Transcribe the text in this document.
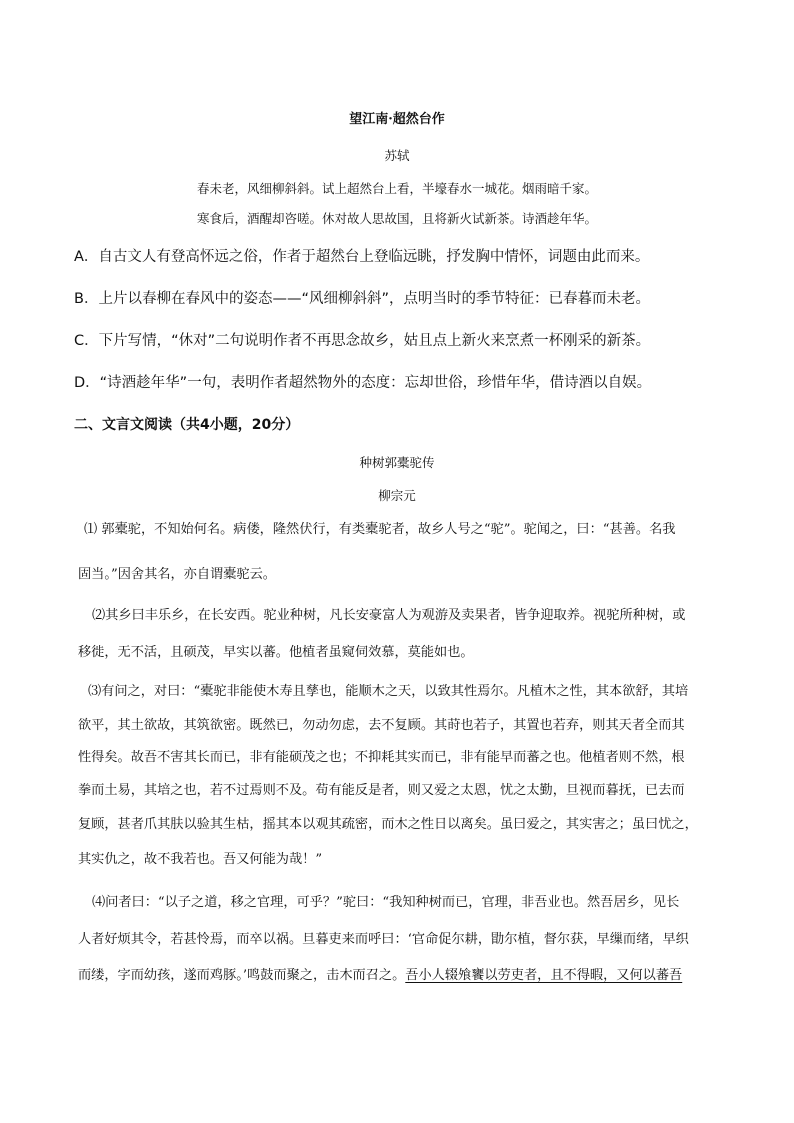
望江南·超然台作
苏轼
春未老，风细柳斜斜。试上超然台上看，半壕春水一城花。烟雨暗千家。
寒食后，酒醒却咨嗟。休对故人思故国，且将新火试新茶。诗酒趁年华。
A．自古文人有登高怀远之俗，作者于超然台上登临远眺，抒发胸中情怀，词题由此而来。
B．上片以春柳在春风中的姿态——“风细柳斜斜”，点明当时的季节特征：已春暮而未老。
C．下片写情，“休对”二句说明作者不再思念故乡，姑且点上新火来烹煮一杯刚采的新茶。
D．“诗酒趁年华”一句，表明作者超然物外的态度：忘却世俗，珍惜年华，借诗酒以自娱。
二、文言文阅读（共4小题，20分）
种树郭橐驼传
柳宗元
⑴ 郭橐驼，不知始何名。病偻，隆然伏行，有类橐驼者，故乡人号之“驼”。驼闻之，曰：“甚善。名我
固当。”因舍其名，亦自谓橐驼云。
⑵其乡曰丰乐乡，在长安西。驼业种树，凡长安豪富人为观游及卖果者，皆争迎取养。视驼所种树，或
移徙，无不活，且硕茂，早实以蕃。他植者虽窥伺效慕，莫能如也。
⑶有问之，对曰：“橐驼非能使木寿且孳也，能顺木之天，以致其性焉尔。凡植木之性，其本欲舒，其培
欲平，其土欲故，其筑欲密。既然已，勿动勿虑，去不复顾。其莳也若子，其置也若弃，则其天者全而其
性得矣。故吾不害其长而已，非有能硕茂之也；不抑耗其实而已，非有能早而蕃之也。他植者则不然，根
拳而土易，其培之也，若不过焉则不及。苟有能反是者，则又爱之太恩，忧之太勤，旦视而暮抚，已去而
复顾，甚者爪其肤以验其生枯，摇其本以观其疏密，而木之性日以离矣。虽曰爱之，其实害之；虽曰忧之，
其实仇之，故不我若也。吾又何能为哉！”
⑷问者曰：“以子之道，移之官理，可乎？”驼曰：“我知种树而已，官理，非吾业也。然吾居乡，见长
人者好烦其令，若甚怜焉，而卒以祸。旦暮吏来而呼曰：‘官命促尔耕，勖尔植，督尔获，早缫而绪，早织
而缕，字而幼孩，遂而鸡豚。’鸣鼓而聚之，击木而召之。吾小人辍飧饔以劳吏者，且不得暇，又何以蕃吾
